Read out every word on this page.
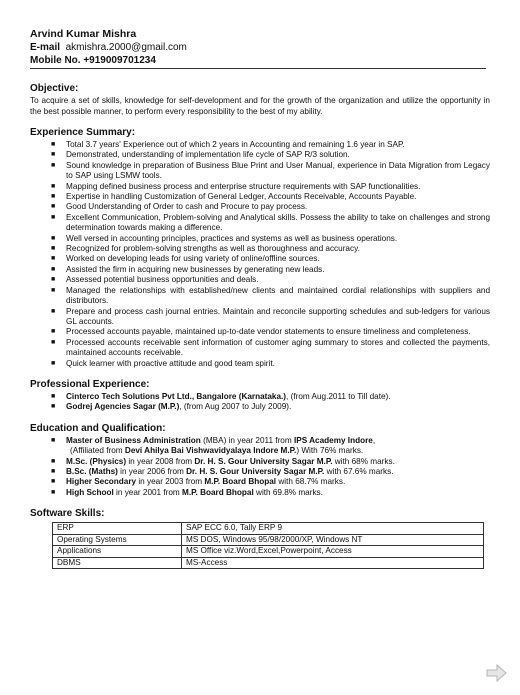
Arvind Kumar Mishra
E-mail akmishra.2000@gmail.com
Mobile No. +919009701234
Objective:
To acquire a set of skills, knowledge for self-development and for the growth of the organization and utilize the opportunity in the best possible manner, to perform every responsibility to the best of my ability.
Experience Summary:
■ Total 3.7 years' Experience out of which 2 years in Accounting and remaining 1.6 year in SAP.
■ Demonstrated, understanding of implementation life cycle of SAP R/3 solution.
■ Sound knowledge in preparation of Business Blue Print and User Manual, experience in Data Migration from Legacy to SAP using LSMW tools.
■ Mapping defined business process and enterprise structure requirements with SAP functionalities.
■ Expertise in handling Customization of General Ledger, Accounts Receivable, Accounts Payable.
■ Good Understanding of Order to cash and Procure to pay process.
■ Excellent Communication, Problem-solving and Analytical skills. Possess the ability to take on challenges and strong determination towards making a difference.
■ Well versed in accounting principles, practices and systems as well as business operations.
■ Recognized for problem-solving strengths as well as thoroughness and accuracy.
■ Worked on developing leads for using variety of online/offline sources.
■ Assisted the firm in acquiring new businesses by generating new leads.
■ Assessed potential business opportunities and deals.
■ Managed the relationships with established/new clients and maintained cordial relationships with suppliers and distributors.
■ Prepare and process cash journal entries. Maintain and reconcile supporting schedules and sub-ledgers for various GL accounts.
■ Processed accounts payable, maintained up-to-date vendor statements to ensure timeliness and completeness.
■ Processed accounts receivable sent information of customer aging summary to stores and collected the payments, maintained accounts receivable.
■ Quick learner with proactive attitude and good team spirit.
Professional Experience:
■ Cinterco Tech Solutions Pvt Ltd., Bangalore (Karnataka.), (from Aug.2011 to Till date).
■ Godrej Agencies Sagar (M.P.), (from Aug 2007 to July 2009).
Education and Qualification:
■ Master of Business Administration (MBA) in year 2011 from IPS Academy Indore,
(Affiliated from Devi Ahilya Bai Vishwavidyalaya Indore M.P.) With 76% marks.
■ M.Sc. (Physics) in year 2008 from Dr. H. S. Gour University Sagar M.P. with 68% marks.
■ B.Sc. (Maths) in year 2006 from Dr. H. S. Gour University Sagar M.P. with 67.6% marks.
■ Higher Secondary in year 2003 from M.P. Board Bhopal with 68.7% marks.
■ High School in year 2001 from M.P. Board Bhopal with 69.8% marks.
Software Skills:
ERP	SAP ECC 6.0, Tally ERP 9
Operating Systems	MS DOS, Windows 95/98/2000/XP, Windows NT
Applications	MS Office viz.Word,Excel,Powerpoint, Access
DBMS	MS-Access
